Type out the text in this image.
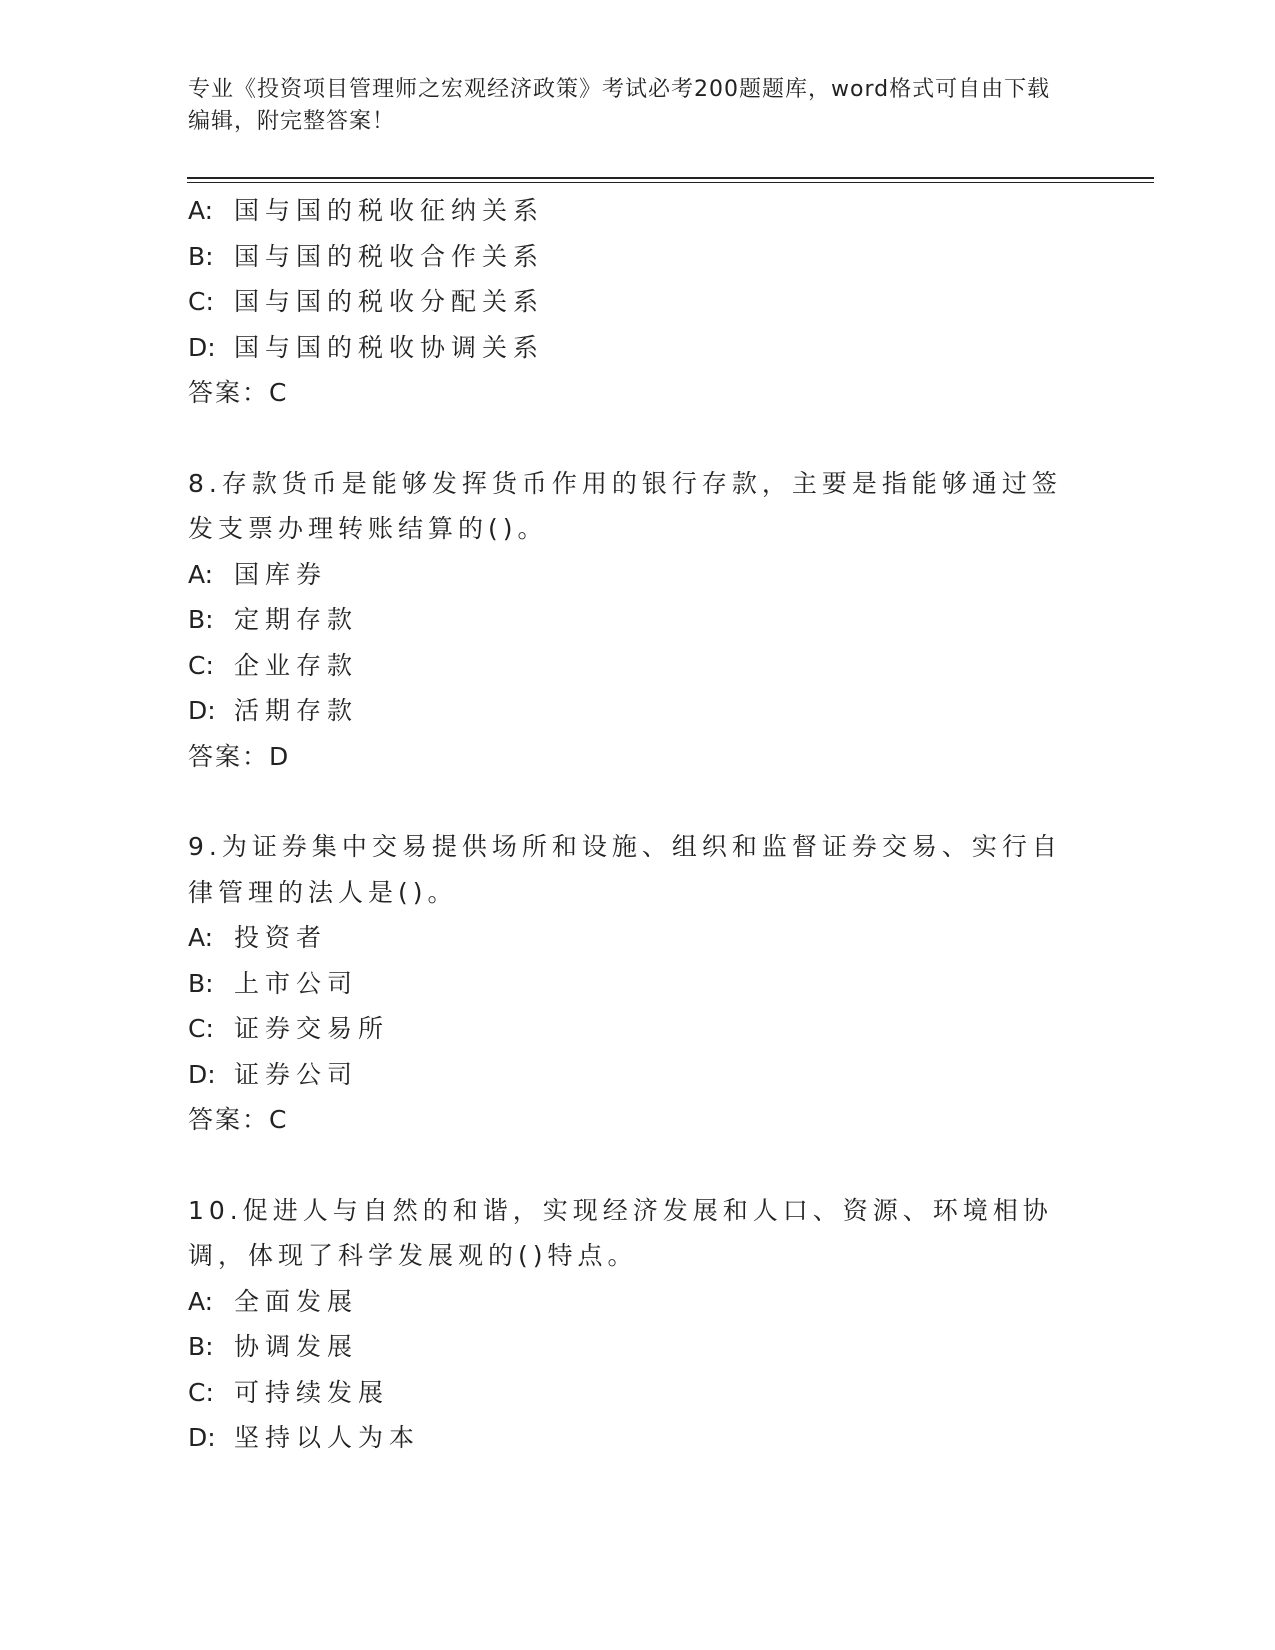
专业《投资项目管理师之宏观经济政策》考试必考200题题库，word格式可自由下载编辑，附完整答案！
A: 国与国的税收征纳关系
B: 国与国的税收合作关系
C: 国与国的税收分配关系
D: 国与国的税收协调关系
答案：C
8.存款货币是能够发挥货币作用的银行存款，主要是指能够通过签发支票办理转账结算的()。
A: 国库券
B: 定期存款
C: 企业存款
D: 活期存款
答案：D
9.为证券集中交易提供场所和设施、组织和监督证券交易、实行自律管理的法人是()。
A: 投资者
B: 上市公司
C: 证券交易所
D: 证券公司
答案：C
10.促进人与自然的和谐，实现经济发展和人口、资源、环境相协调，体现了科学发展观的()特点。
A: 全面发展
B: 协调发展
C: 可持续发展
D: 坚持以人为本
